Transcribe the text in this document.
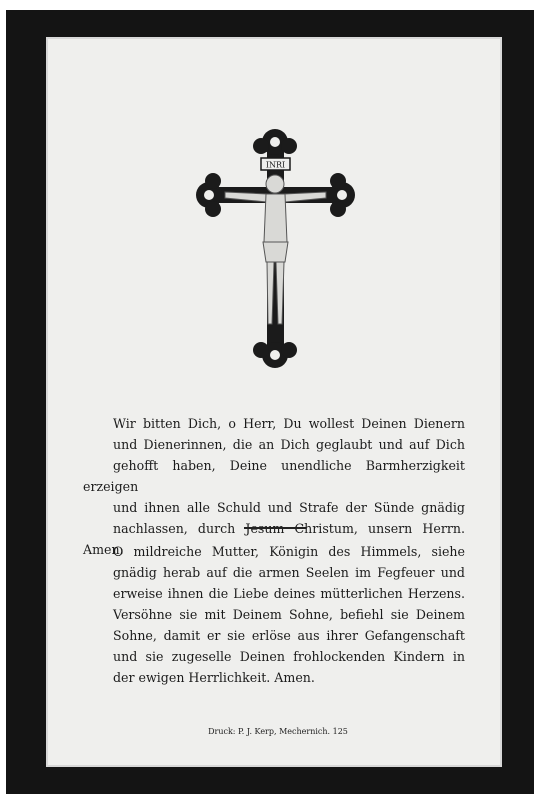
INRI

Wir bitten Dich, o Herr, Du wollest Deinen Dienern
und Dienerinnen, die an Dich geglaubt und auf Dich
gehofft haben, Deine unendliche Barmherzigkeit erzeigen
und ihnen alle Schuld und Strafe der Sünde gnädig
nachlassen, durch Jesum Christum, unsern Herrn. Amen.

O mildreiche Mutter, Königin des Himmels, siehe
gnädig herab auf die armen Seelen im Fegfeuer und
erweise ihnen die Liebe deines mütterlichen Herzens.
Versöhne sie mit Deinem Sohne, befiehl sie Deinem
Sohne, damit er sie erlöse aus ihrer Gefangenschaft
und sie zugeselle Deinen frohlockenden Kindern in
der ewigen Herrlichkeit. Amen.

Druck: P. J. Kerp, Mechernich. 125
